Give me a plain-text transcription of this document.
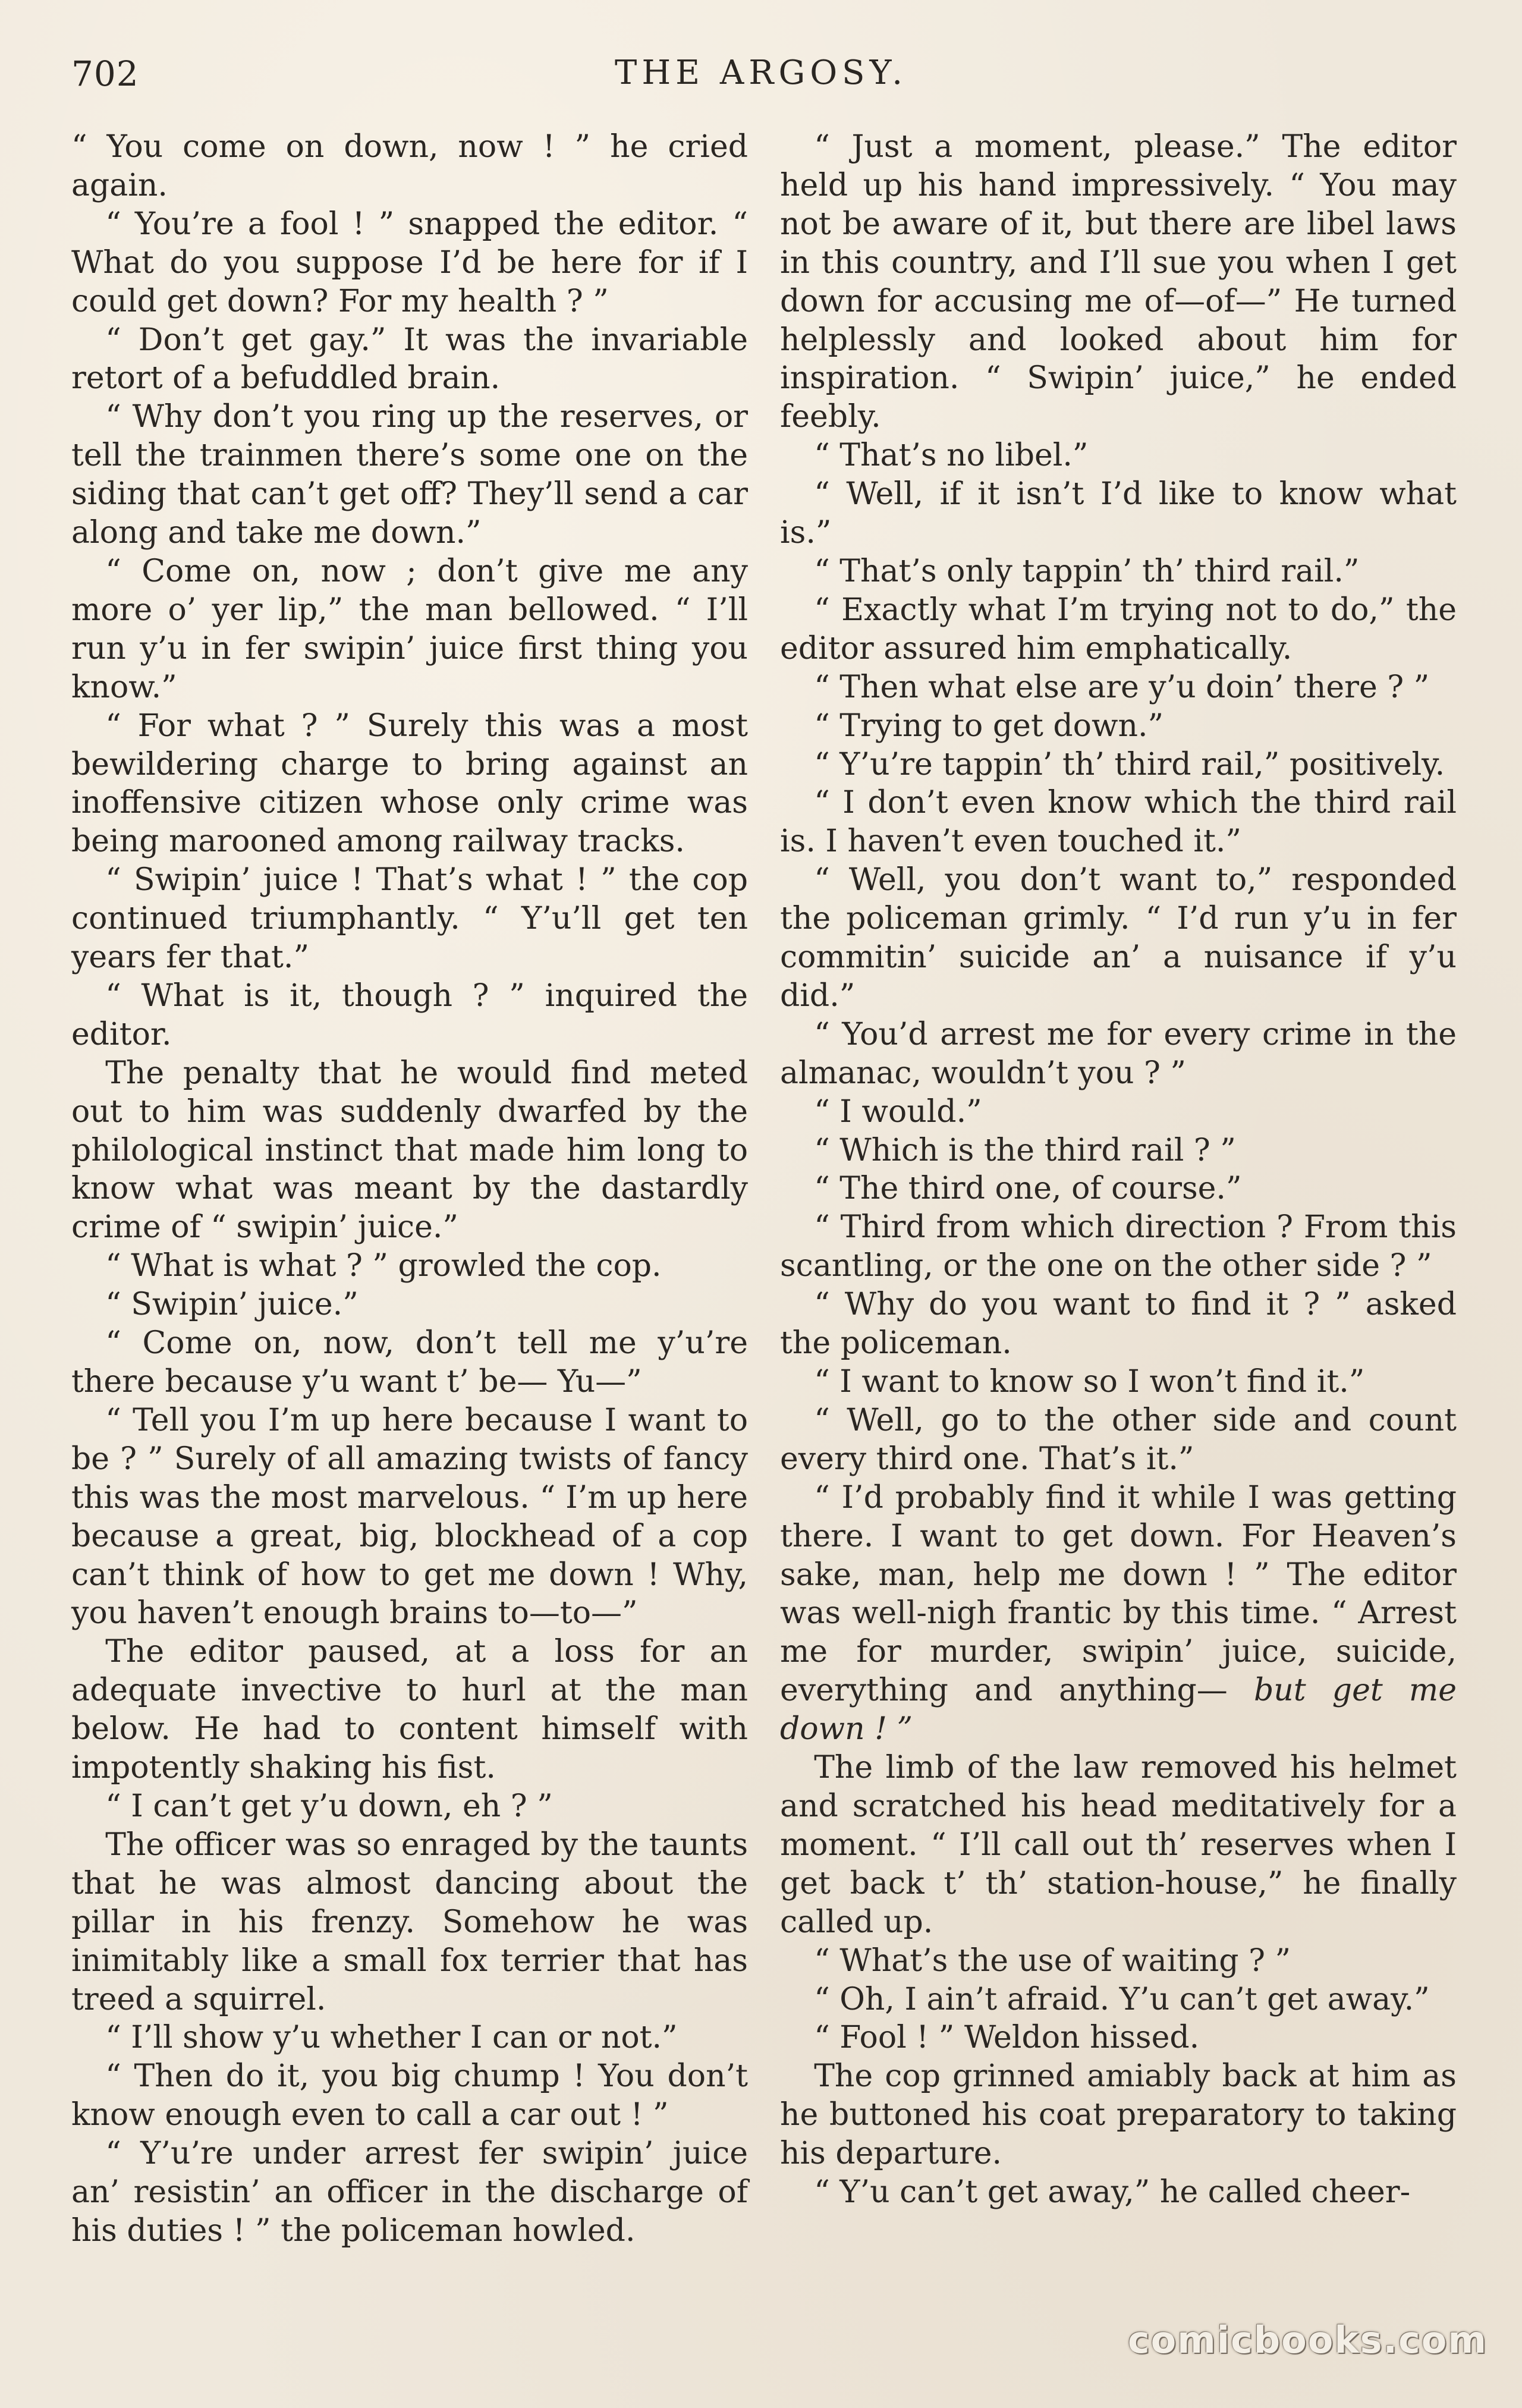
702	THE ARGOSY.

“ You come on down, now ! ” he cried again.

“ You’re a fool ! ” snapped the editor. “ What do you suppose I’d be here for if I could get down? For my health ? ”

“ Don’t get gay.” It was the invariable retort of a befuddled brain.

“ Why don’t you ring up the reserves, or tell the trainmen there’s some one on the siding that can’t get off? They’ll send a car along and take me down.”

“ Come on, now ; don’t give me any more o’ yer lip,” the man bellowed. “ I’ll run y’u in fer swipin’ juice first thing you know.”

“ For what ? ” Surely this was a most bewildering charge to bring against an inoffensive citizen whose only crime was being marooned among railway tracks.

“ Swipin’ juice ! That’s what ! ” the cop continued triumphantly. “ Y’u’ll get ten years fer that.”

“ What is it, though ? ” inquired the editor.

The penalty that he would find meted out to him was suddenly dwarfed by the philological instinct that made him long to know what was meant by the dastardly crime of “ swipin’ juice.”

“ What is what ? ” growled the cop.

“ Swipin’ juice.”

“ Come on, now, don’t tell me y’u’re there because y’u want t’ be— Yu—”

“ Tell you I’m up here because I want to be ? ” Surely of all amazing twists of fancy this was the most marvelous. “ I’m up here because a great, big, blockhead of a cop can’t think of how to get me down ! Why, you haven’t enough brains to—to—”

The editor paused, at a loss for an adequate invective to hurl at the man below. He had to content himself with impotently shaking his fist.

“ I can’t get y’u down, eh ? ”

The officer was so enraged by the taunts that he was almost dancing about the pillar in his frenzy. Somehow he was inimitably like a small fox terrier that has treed a squirrel.

“ I’ll show y’u whether I can or not.”

“ Then do it, you big chump ! You don’t know enough even to call a car out ! ”

“ Y’u’re under arrest fer swipin’ juice an’ resistin’ an officer in the discharge of his duties ! ” the policeman howled.

“ Just a moment, please.” The editor held up his hand impressively. “ You may not be aware of it, but there are libel laws in this country, and I’ll sue you when I get down for accusing me of—of—” He turned helplessly and looked about him for inspiration. “ Swipin’ juice,” he ended feebly.

“ That’s no libel.”

“ Well, if it isn’t I’d like to know what is.”

“ That’s only tappin’ th’ third rail.”

“ Exactly what I’m trying not to do,” the editor assured him emphatically.

“ Then what else are y’u doin’ there ? ”

“ Trying to get down.”

“ Y’u’re tappin’ th’ third rail,” positively.

“ I don’t even know which the third rail is. I haven’t even touched it.”

“ Well, you don’t want to,” responded the policeman grimly. “ I’d run y’u in fer commitin’ suicide an’ a nuisance if y’u did.”

“ You’d arrest me for every crime in the almanac, wouldn’t you ? ”

“ I would.”

“ Which is the third rail ? ”

“ The third one, of course.”

“ Third from which direction ? From this scantling, or the one on the other side ? ”

“ Why do you want to find it ? ” asked the policeman.

“ I want to know so I won’t find it.”

“ Well, go to the other side and count every third one. That’s it.”

“ I’d probably find it while I was getting there. I want to get down. For Heaven’s sake, man, help me down ! ” The editor was well-nigh frantic by this time. “ Arrest me for murder, swipin’ juice, suicide, everything and anything— but get me down ! ”

The limb of the law removed his helmet and scratched his head meditatively for a moment. “ I’ll call out th’ reserves when I get back t’ th’ station-house,” he finally called up.

“ What’s the use of waiting ? ”

“ Oh, I ain’t afraid. Y’u can’t get away.”

“ Fool ! ” Weldon hissed.

The cop grinned amiably back at him as he buttoned his coat preparatory to taking his departure.

“ Y’u can’t get away,” he called cheer-

comicbooks.com
